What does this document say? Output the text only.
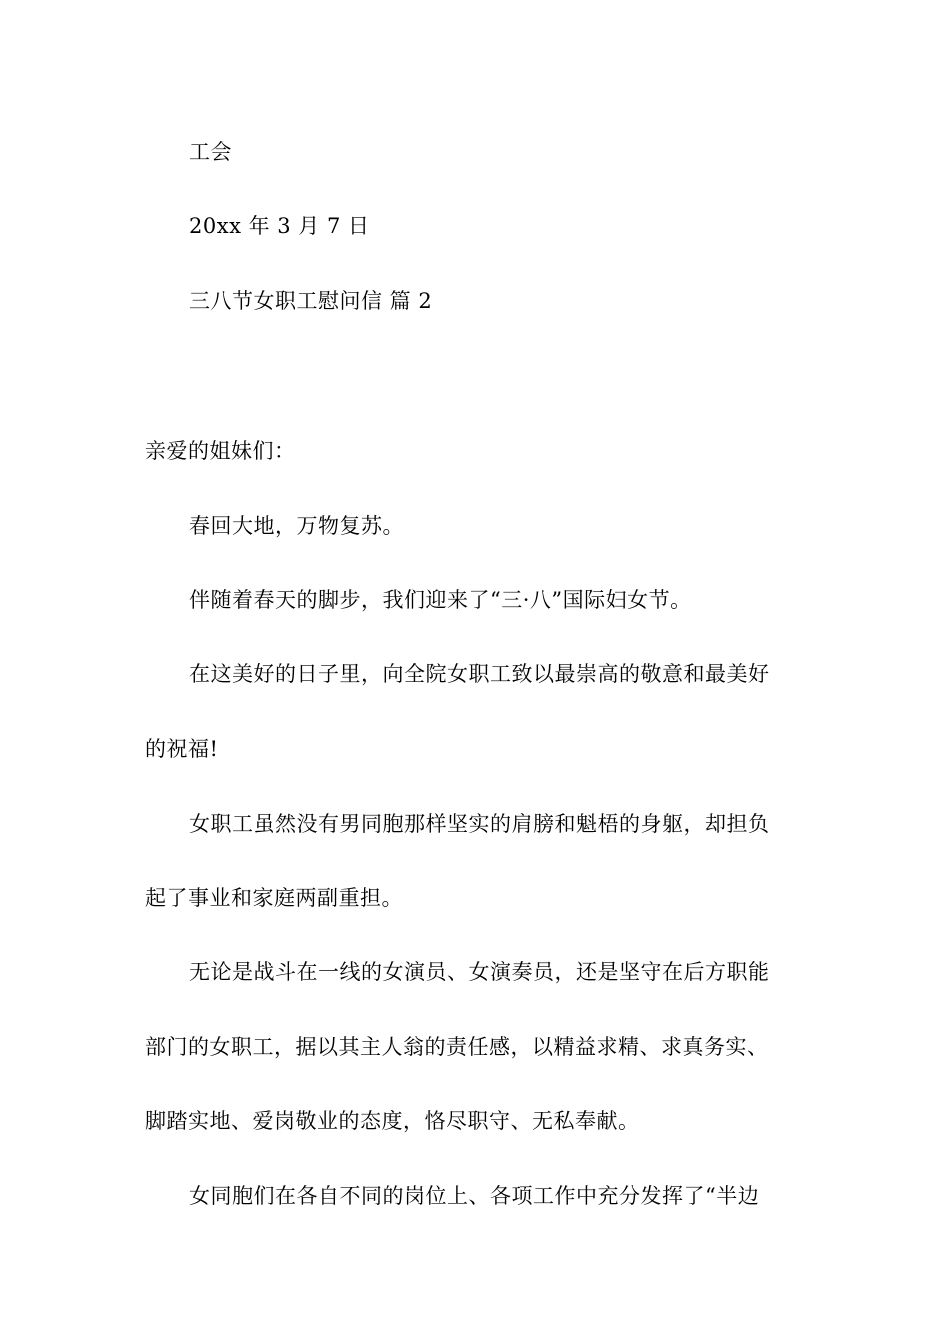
工会
20xx 年 3 月 7 日
三八节女职工慰问信 篇 2
亲爱的姐妹们：
春回大地，万物复苏。
伴随着春天的脚步，我们迎来了“三·八”国际妇女节。
在这美好的日子里，向全院女职工致以最崇高的敬意和最美好
的祝福!
女职工虽然没有男同胞那样坚实的肩膀和魁梧的身躯，却担负
起了事业和家庭两副重担。
无论是战斗在一线的女演员、女演奏员，还是坚守在后方职能
部门的女职工，据以其主人翁的责任感，以精益求精、求真务实、
脚踏实地、爱岗敬业的态度，恪尽职守、无私奉献。
女同胞们在各自不同的岗位上、各项工作中充分发挥了“半边
